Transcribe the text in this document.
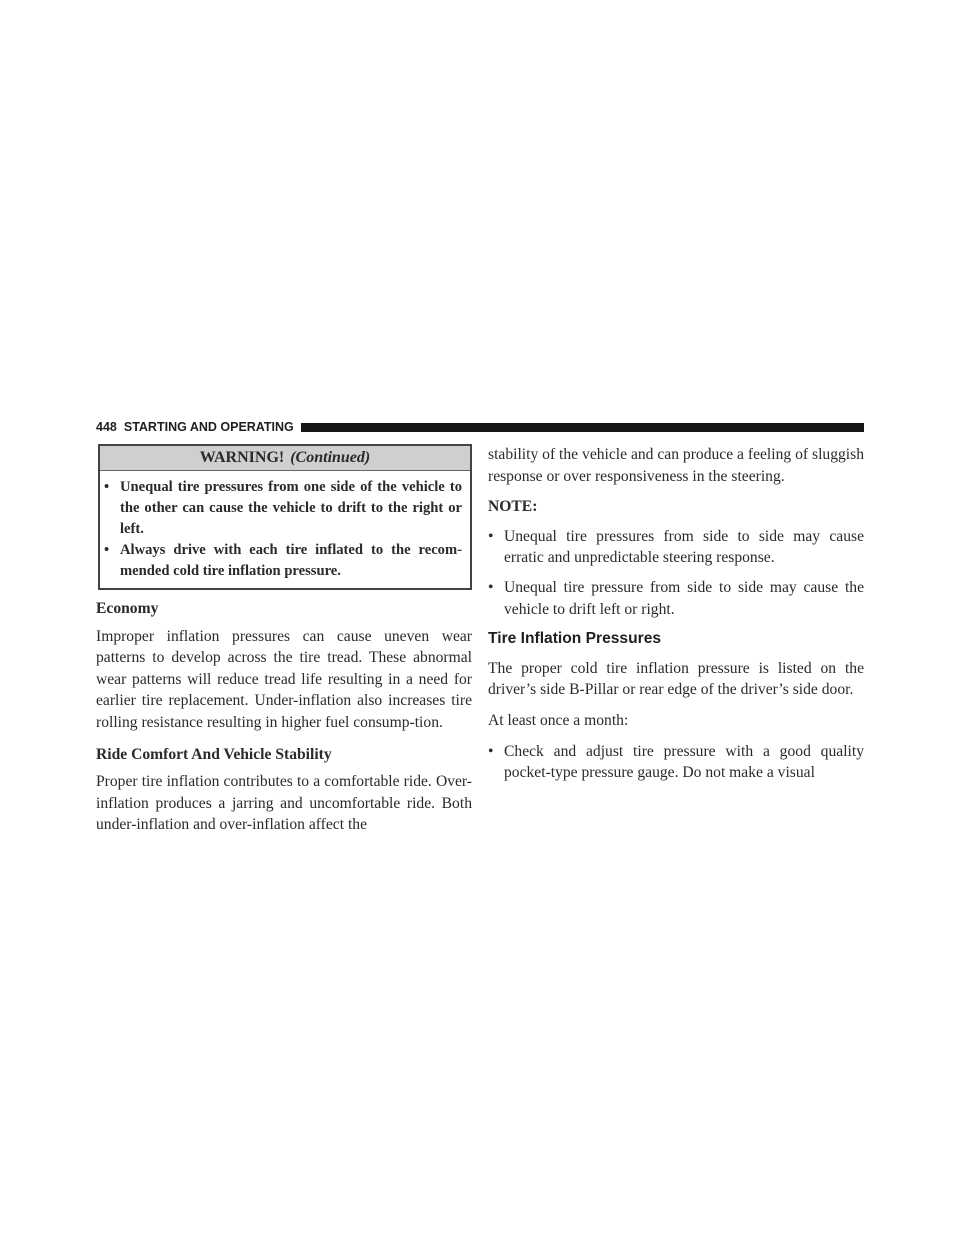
448 STARTING AND OPERATING
WARNING! (Continued)
• Unequal tire pressures from one side of the vehicle to the other can cause the vehicle to drift to the right or left.
• Always drive with each tire inflated to the recom-mended cold tire inflation pressure.
Economy

Improper inflation pressures can cause uneven wear patterns to develop across the tire tread. These abnormal wear patterns will reduce tread life resulting in a need for earlier tire replacement. Under-inflation also increases tire rolling resistance resulting in higher fuel consump-tion.

Ride Comfort And Vehicle Stability

Proper tire inflation contributes to a comfortable ride. Over-inflation produces a jarring and uncomfortable ride. Both under-inflation and over-inflation affect the

stability of the vehicle and can produce a feeling of sluggish response or over responsiveness in the steering.

NOTE:
• Unequal tire pressures from side to side may cause erratic and unpredictable steering response.
• Unequal tire pressure from side to side may cause the vehicle to drift left or right.
Tire Inflation Pressures

The proper cold tire inflation pressure is listed on the driver’s side B-Pillar or rear edge of the driver’s side door.

At least once a month:

• Check and adjust tire pressure with a good quality pocket-type pressure gauge. Do not make a visual
